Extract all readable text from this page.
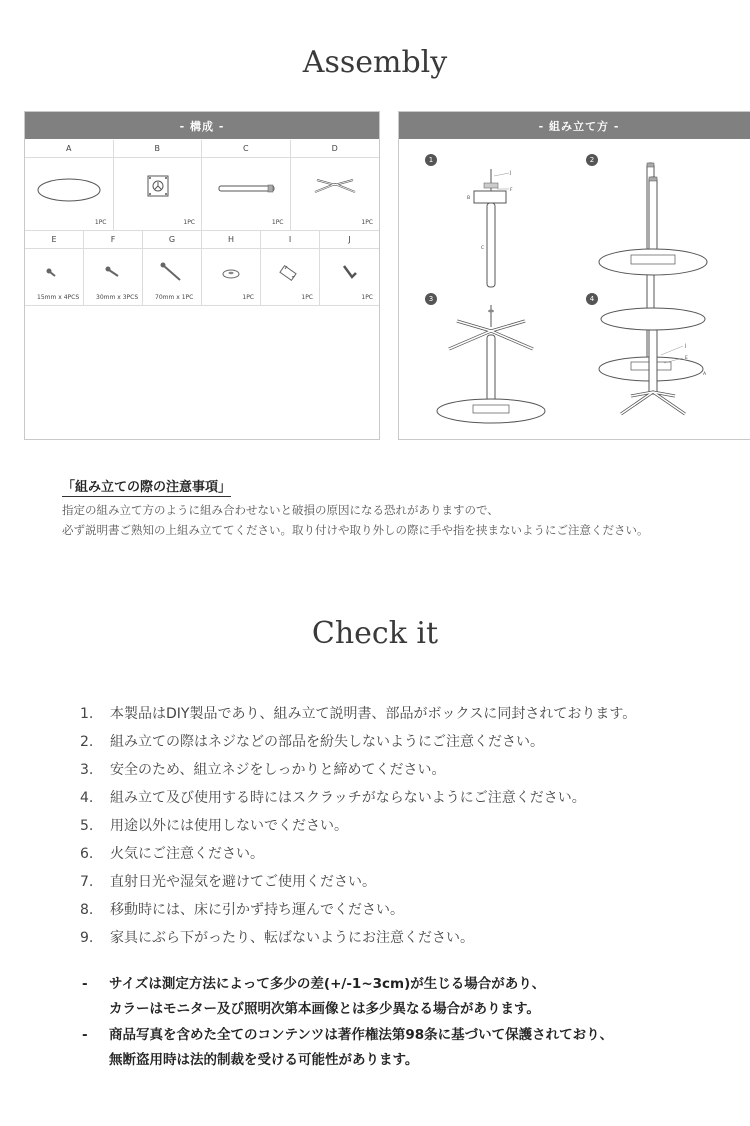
Assembly
- 構成 -
A
1PC
B
1PC
C
1PC
D
1PC
E
15mm x 4PCS
F
30mm x 3PCS
G
70mm x 1PC
H
1PC
I
1PC
J
1PC
- 組み立て方 -
1	2
3	4
J
F
B
C
J
E
A
「組み立ての際の注意事項」
指定の組み立て方のように組み合わせないと破損の原因になる恐れがありますので、
必ず説明書ご熟知の上組み立ててください。取り付けや取り外しの際に手や指を挟まないようにご注意ください。
Check it
1. 本製品はDIY製品であり、組み立て説明書、部品がボックスに同封されております。
2. 組み立ての際はネジなどの部品を紛失しないようにご注意ください。
3. 安全のため、組立ネジをしっかりと締めてください。
4. 組み立て及び使用する時にはスクラッチがならないようにご注意ください。
5. 用途以外には使用しないでください。
6. 火気にご注意ください。
7. 直射日光や湿気を避けてご使用ください。
8. 移動時には、床に引かず持ち運んでください。
9. 家具にぶら下がったり、転ばないようにお注意ください。
- サイズは測定方法によって多少の差(+/-1~3cm)が生じる場合があり、
カラーはモニター及び照明次第本画像とは多少異なる場合があります。
- 商品写真を含めた全てのコンテンツは著作権法第98条に基づいて保護されており、
無断盗用時は法的制裁を受ける可能性があります。
